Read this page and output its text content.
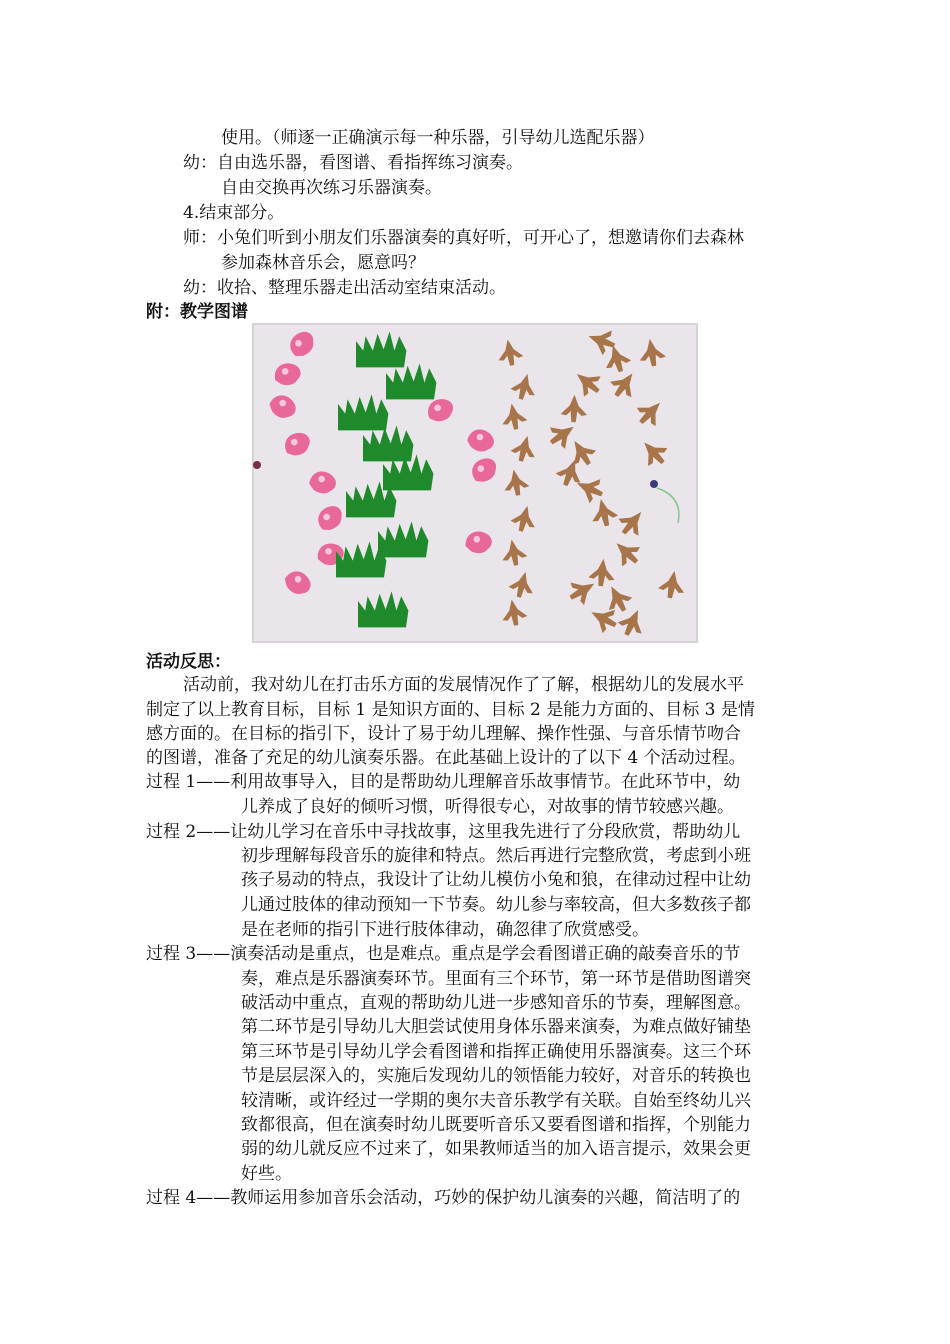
使用。（师逐一正确演示每一种乐器，引导幼儿选配乐器）
幼：自由选乐器，看图谱、看指挥练习演奏。
自由交换再次练习乐器演奏。
4.结束部分。
师：小兔们听到小朋友们乐器演奏的真好听，可开心了，想邀请你们去森林
参加森林音乐会，愿意吗？
幼：收拾、整理乐器走出活动室结束活动。
附：教学图谱
活动反思：
活动前，我对幼儿在打击乐方面的发展情况作了了解，根据幼儿的发展水平
制定了以上教育目标，目标 1 是知识方面的、目标 2 是能力方面的、目标 3 是情
感方面的。在目标的指引下，设计了易于幼儿理解、操作性强、与音乐情节吻合
的图谱，准备了充足的幼儿演奏乐器。在此基础上设计的了以下 4 个活动过程。
过程 1——利用故事导入，目的是帮助幼儿理解音乐故事情节。在此环节中，幼
儿养成了良好的倾听习惯，听得很专心，对故事的情节较感兴趣。
过程 2——让幼儿学习在音乐中寻找故事，这里我先进行了分段欣赏，帮助幼儿
初步理解每段音乐的旋律和特点。然后再进行完整欣赏，考虑到小班
孩子易动的特点，我设计了让幼儿模仿小兔和狼，在律动过程中让幼
儿通过肢体的律动预知一下节奏。幼儿参与率较高，但大多数孩子都
是在老师的指引下进行肢体律动，确忽律了欣赏感受。
过程 3——演奏活动是重点，也是难点。重点是学会看图谱正确的敲奏音乐的节
奏，难点是乐器演奏环节。里面有三个环节，第一环节是借助图谱突
破活动中重点，直观的帮助幼儿进一步感知音乐的节奏，理解图意。
第二环节是引导幼儿大胆尝试使用身体乐器来演奏，为难点做好铺垫
第三环节是引导幼儿学会看图谱和指挥正确使用乐器演奏。这三个环
节是层层深入的，实施后发现幼儿的领悟能力较好，对音乐的转换也
较清晰，或许经过一学期的奥尔夫音乐教学有关联。自始至终幼儿兴
致都很高，但在演奏时幼儿既要听音乐又要看图谱和指挥，个别能力
弱的幼儿就反应不过来了，如果教师适当的加入语言提示，效果会更
好些。
过程 4——教师运用参加音乐会活动，巧妙的保护幼儿演奏的兴趣，简洁明了的
